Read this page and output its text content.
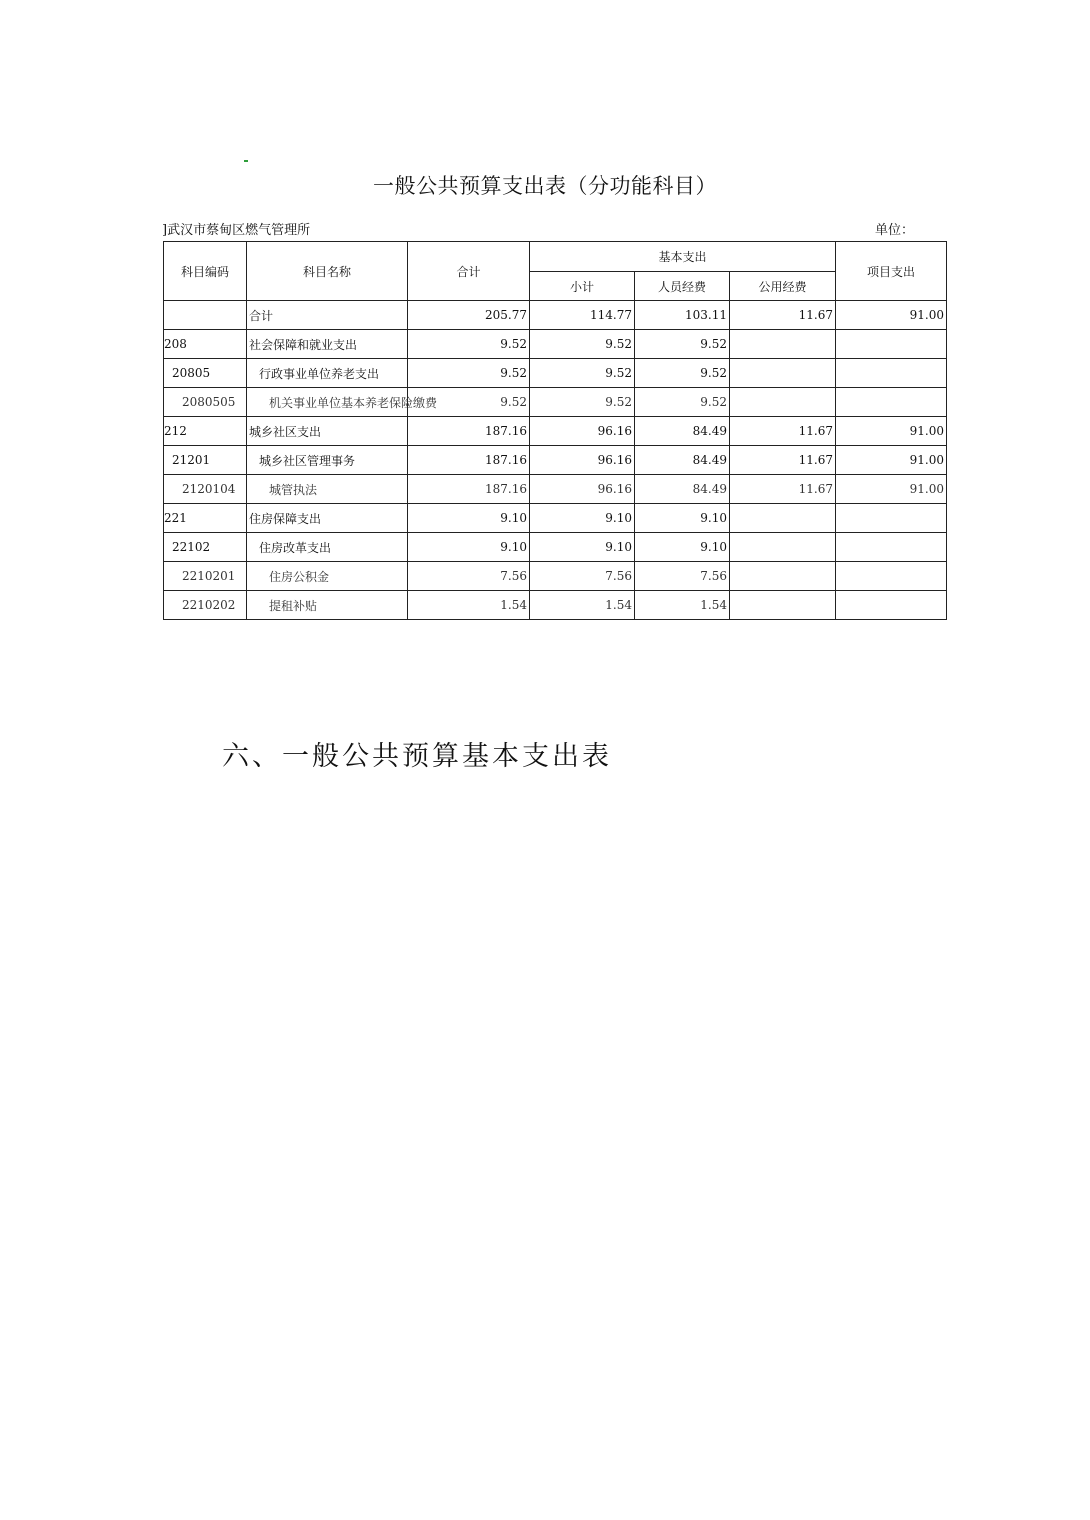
一般公共预算支出表（分功能科目）
]武汉市蔡甸区燃气管理所	单位：
科目编码	科目名称	合计	基本支出			项目支出
			小计	人员经费	公用经费	
	合计	205.77	114.77	103.11	11.67	91.00
208	社会保障和就业支出	9.52	9.52	9.52		
20805	行政事业单位养老支出	9.52	9.52	9.52		
2080505	机关事业单位基本养老保险缴费	9.52	9.52	9.52		
212	城乡社区支出	187.16	96.16	84.49	11.67	91.00
21201	城乡社区管理事务	187.16	96.16	84.49	11.67	91.00
2120104	城管执法	187.16	96.16	84.49	11.67	91.00
221	住房保障支出	9.10	9.10	9.10		
22102	住房改革支出	9.10	9.10	9.10		
2210201	住房公积金	7.56	7.56	7.56		
2210202	提租补贴	1.54	1.54	1.54		
六、一般公共预算基本支出表
